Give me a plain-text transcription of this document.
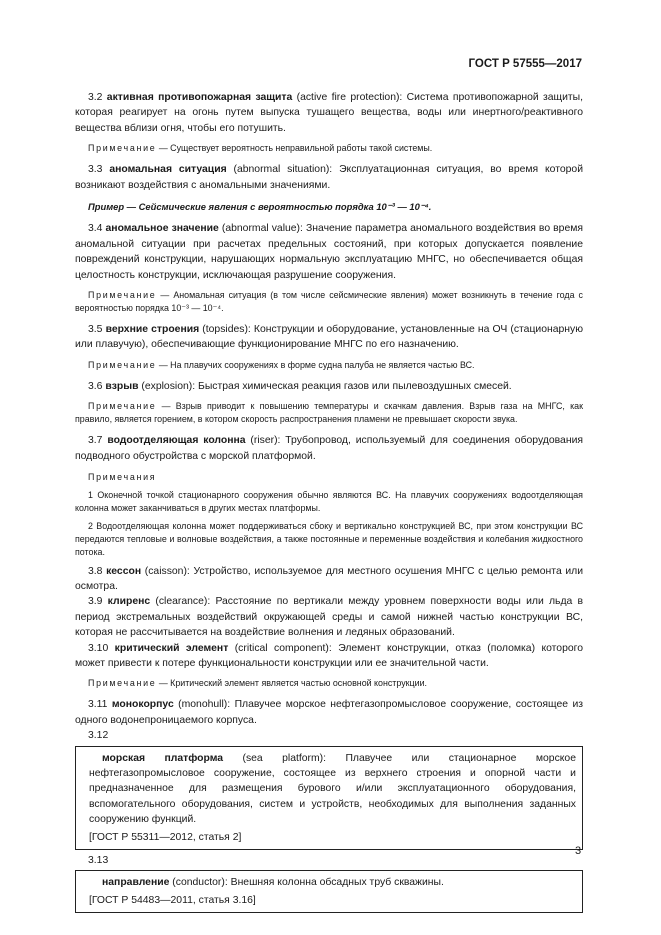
ГОСТ Р 57555—2017

3.2 активная противопожарная защита (active fire protection): Система противопожарной защиты, которая реагирует на огонь путем выпуска тушащего вещества, воды или инертного/реактивного вещества вблизи огня, чтобы его потушить.

Примечание — Существует вероятность неправильной работы такой системы.

3.3 аномальная ситуация (abnormal situation): Эксплуатационная ситуация, во время которой возникают воздействия с аномальными значениями.

Пример — Сейсмические явления с вероятностью порядка 10⁻³ — 10⁻⁴.

3.4 аномальное значение (abnormal value): Значение параметра аномального воздействия во время аномальной ситуации при расчетах предельных состояний, при которых допускается появление повреждений конструкции, нарушающих нормальную эксплуатацию МНГС, но обеспечивается общая целостность конструкции, исключающая разрушение сооружения.

Примечание — Аномальная ситуация (в том числе сейсмические явления) может возникнуть в течение года с вероятностью порядка 10⁻³ — 10⁻⁴.

3.5 верхние строения (topsides): Конструкции и оборудование, установленные на ОЧ (стационарную или плавучую), обеспечивающие функционирование МНГС по его назначению.

Примечание — На плавучих сооружениях в форме судна палуба не является частью ВС.

3.6 взрыв (explosion): Быстрая химическая реакция газов или пылевоздушных смесей.

Примечание — Взрыв приводит к повышению температуры и скачкам давления. Взрыв газа на МНГС, как правило, является горением, в котором скорость распространения пламени не превышает скорости звука.

3.7 водоотделяющая колонна (riser): Трубопровод, используемый для соединения оборудования подводного обустройства с морской платформой.

Примечания

1 Оконечной точкой стационарного сооружения обычно являются ВС. На плавучих сооружениях водоотделяющая колонна может заканчиваться в других местах платформы.

2 Водоотделяющая колонна может поддерживаться сбоку и вертикально конструкцией ВС, при этом конструкции ВС передаются тепловые и волновые воздействия, а также постоянные и переменные воздействия и колебания жидкостного потока.

3.8 кессон (caisson): Устройство, используемое для местного осушения МНГС с целью ремонта или осмотра.

3.9 клиренс (clearance): Расстояние по вертикали между уровнем поверхности воды или льда в период экстремальных воздействий окружающей среды и самой нижней частью конструкции ВС, которая не рассчитывается на воздействие волнения и ледяных образований.

3.10 критический элемент (critical component): Элемент конструкции, отказ (поломка) которого может привести к потере функциональности конструкции или ее значительной части.

Примечание — Критический элемент является частью основной конструкции.

3.11 монокорпус (monohull): Плавучее морское нефтегазопромысловое сооружение, состоящее из одного водонепроницаемого корпуса.

3.12

морская платформа (sea platform): Плавучее или стационарное морское нефтегазопромысловое сооружение, состоящее из верхнего строения и опорной части и предназначенное для размещения бурового и/или эксплуатационного оборудования, вспомогательного оборудования, систем и устройств, необходимых для выполнения заданных сооружению функций.

[ГОСТ Р 55311—2012, статья 2]

3.13

направление (conductor): Внешняя колонна обсадных труб скважины.

[ГОСТ Р 54483—2011, статья 3.16]

3
